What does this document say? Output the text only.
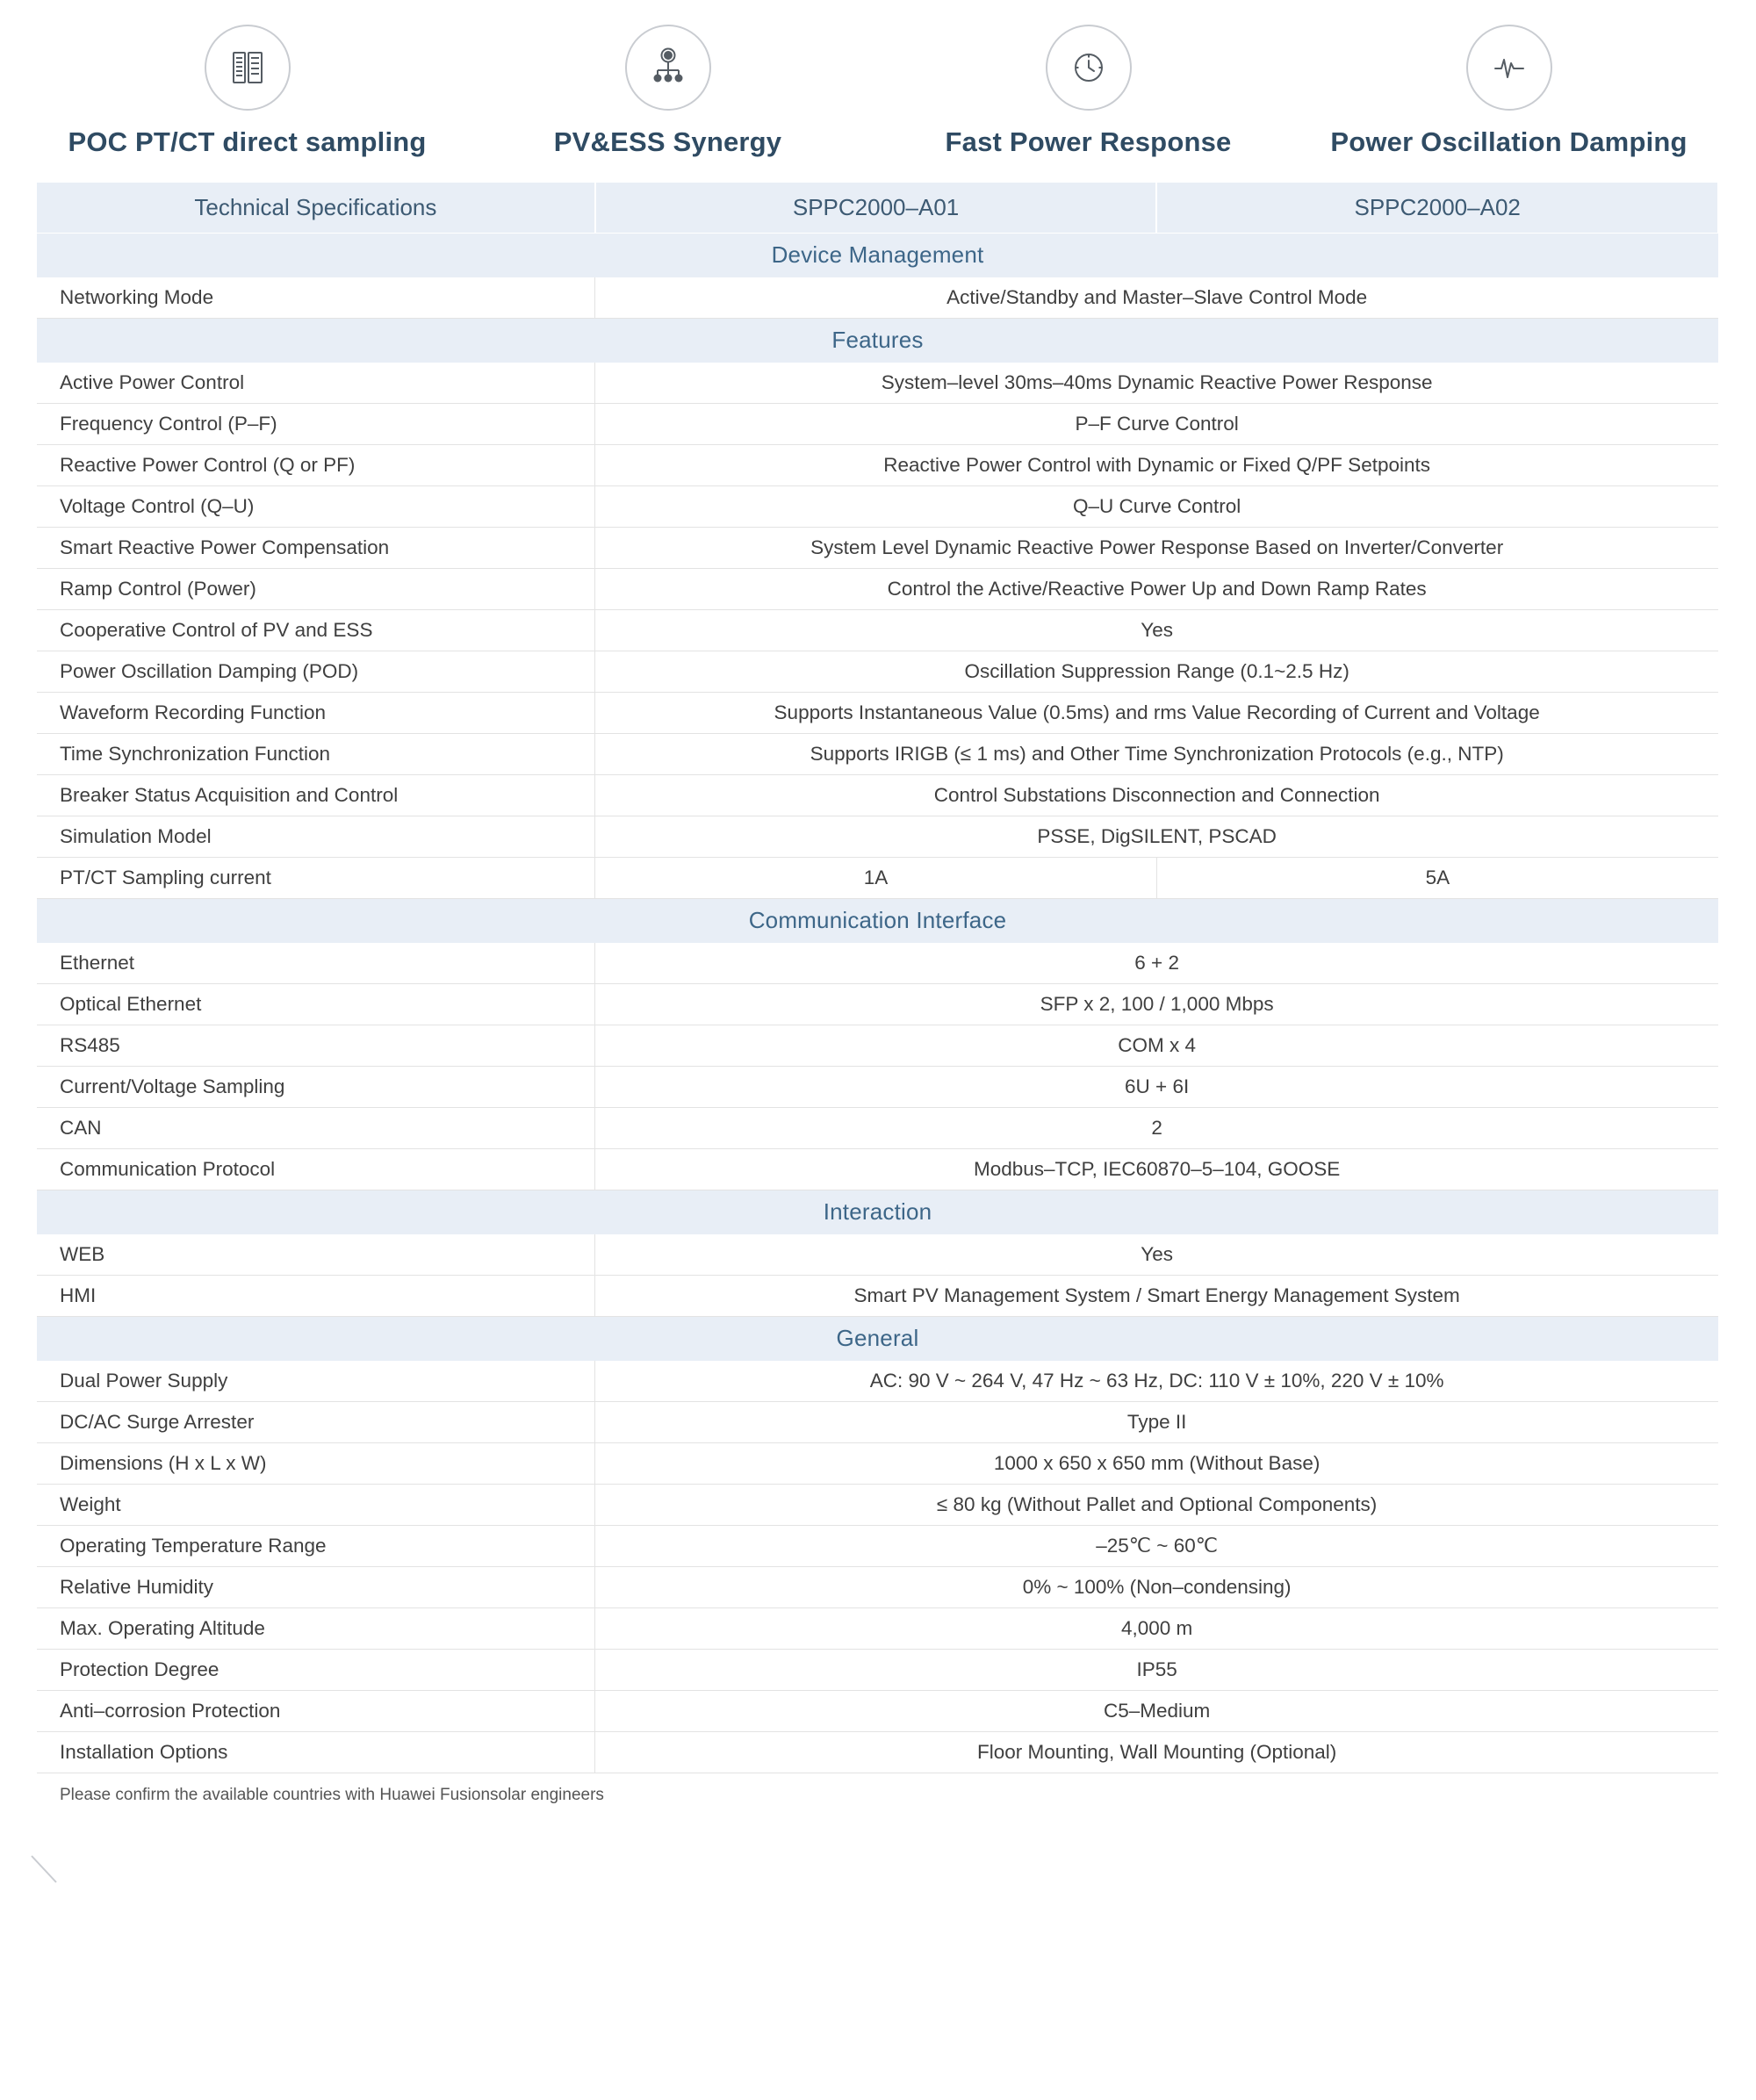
POC PT/CT direct sampling	PV&ESS Synergy	Fast Power Response	Power Oscillation Damping
Technical Specifications	SPPC2000–A01	SPPC2000–A02
Device Management		
Networking Mode	Active/Standby and Master–Slave Control Mode	
Features		
Active Power Control	System–level 30ms–40ms Dynamic Reactive Power Response	
Frequency Control (P–F)	P–F Curve Control	
Reactive Power Control (Q or PF)	Reactive Power Control with Dynamic or Fixed Q/PF Setpoints	
Voltage Control (Q–U)	Q–U Curve Control	
Smart Reactive Power Compensation	System Level Dynamic Reactive Power Response Based on Inverter/Converter	
Ramp Control (Power)	Control the Active/Reactive Power Up and Down Ramp Rates	
Cooperative Control of PV and ESS	Yes	
Power Oscillation Damping (POD)	Oscillation Suppression Range (0.1~2.5 Hz)	
Waveform Recording Function	Supports Instantaneous Value (0.5ms) and rms Value Recording of Current and Voltage	
Time Synchronization Function	Supports IRIGB (≤ 1 ms) and Other Time Synchronization Protocols (e.g., NTP)	
Breaker Status Acquisition and Control	Control Substations Disconnection and Connection	
Simulation Model	PSSE, DigSILENT, PSCAD	
PT/CT Sampling current	1A	5A
Communication Interface		
Ethernet	6 + 2	
Optical Ethernet	SFP x 2, 100 / 1,000 Mbps	
RS485	COM x 4	
Current/Voltage Sampling	6U + 6I	
CAN	2	
Communication Protocol	Modbus–TCP, IEC60870–5–104, GOOSE	
Interaction		
WEB	Yes	
HMI	Smart PV Management System / Smart Energy Management System	
General		
Dual Power Supply	AC: 90 V ~ 264 V, 47 Hz ~ 63 Hz, DC: 110 V ± 10%, 220 V ± 10%	
DC/AC Surge Arrester	Type II	
Dimensions (H x L x W)	1000 x 650 x 650 mm (Without Base)	
Weight	≤ 80 kg (Without Pallet and Optional Components)	
Operating Temperature Range	–25℃ ~ 60℃	
Relative Humidity	0% ~ 100% (Non–condensing)	
Max. Operating Altitude	4,000 m	
Protection Degree	IP55	
Anti–corrosion Protection	C5–Medium	
Installation Options	Floor Mounting, Wall Mounting (Optional)	
Please confirm the available countries with Huawei Fusionsolar engineers
